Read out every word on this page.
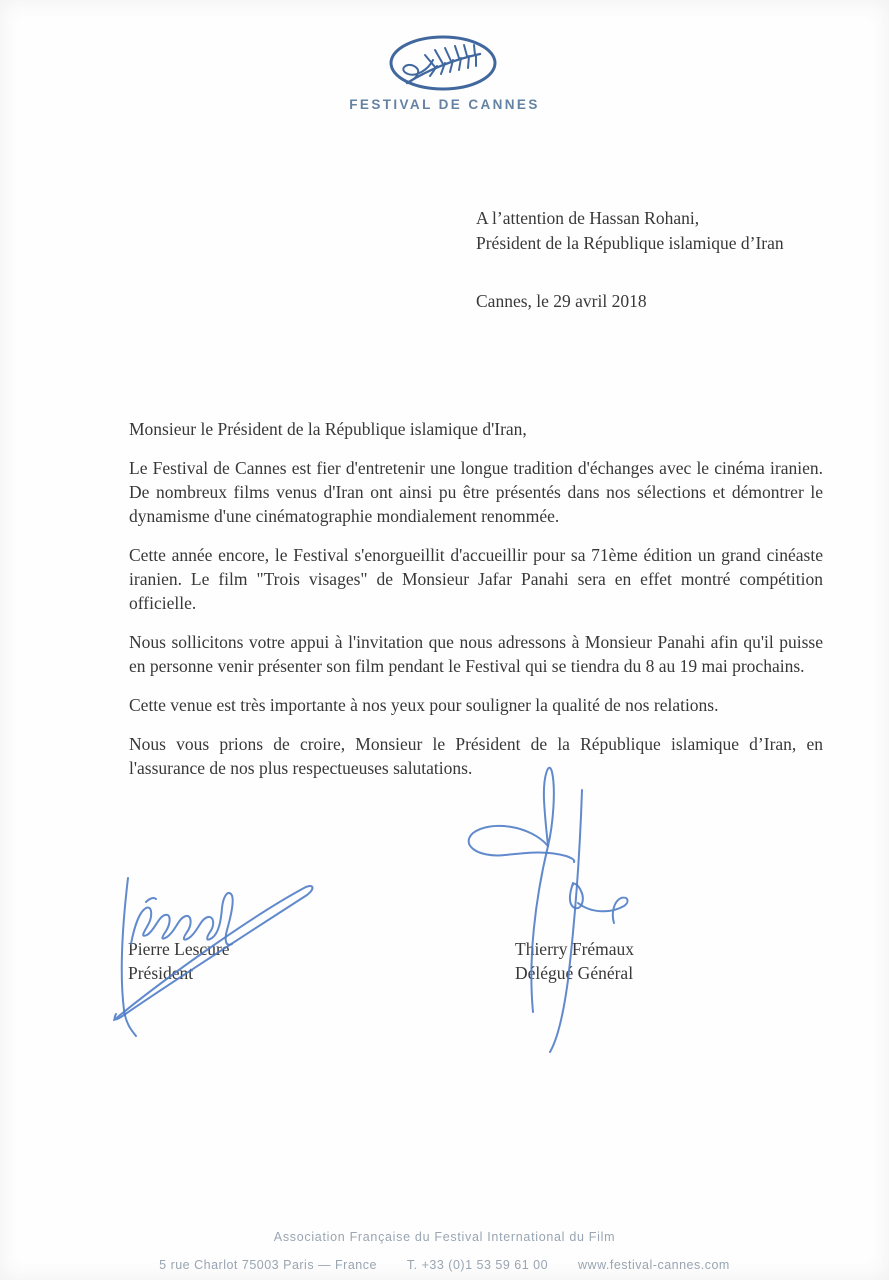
FESTIVAL DE CANNES
A l’attention de Hassan Rohani,
Président de la République islamique d’Iran
Cannes, le 29 avril 2018

Monsieur le Président de la République islamique d'Iran,

Le Festival de Cannes est fier d'entretenir une longue tradition d'échanges avec le cinéma iranien. De nombreux films venus d'Iran ont ainsi pu être présentés dans nos sélections et démontrer le dynamisme d'une cinématographie mondialement renommée.

Cette année encore, le Festival s'enorgueillit d'accueillir pour sa 71ème édition un grand cinéaste iranien. Le film "Trois visages" de Monsieur Jafar Panahi sera en effet montré compétition officielle.

Nous sollicitons votre appui à l'invitation que nous adressons à Monsieur Panahi afin qu'il puisse en personne venir présenter son film pendant le Festival qui se tiendra du 8 au 19 mai prochains.

Cette venue est très importante à nos yeux pour souligner la qualité de nos relations.

Nous vous prions de croire, Monsieur le Président de la République islamique d’Iran, en l'assurance de nos plus respectueuses salutations.

Pierre Lescure
Président
Thierry Frémaux
Délégué Général
Association Française du Festival International du Film
5 rue Charlot 75003 Paris — France T. +33 (0)1 53 59 61 00 www.festival-cannes.com
